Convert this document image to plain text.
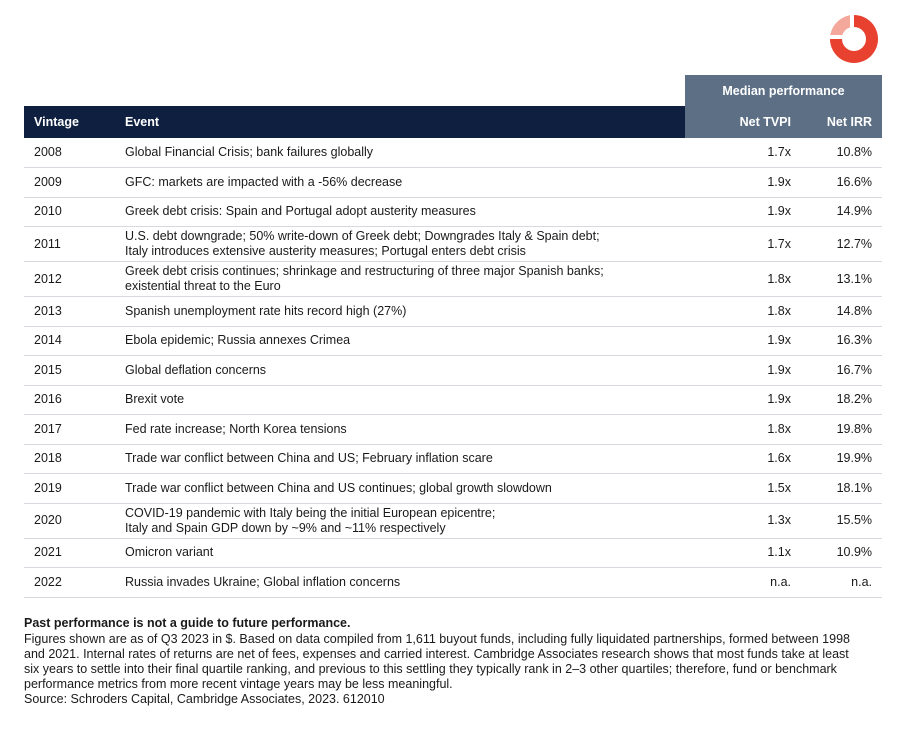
		Median performance	
Vintage	Event	Net TVPI	Net IRR
2008	Global Financial Crisis; bank failures globally	1.7x	10.8%
2009	GFC: markets are impacted with a -56% decrease	1.9x	16.6%
2010	Greek debt crisis: Spain and Portugal adopt austerity measures	1.9x	14.9%
2011	U.S. debt downgrade; 50% write-down of Greek debt; Downgrades Italy & Spain debt;
Italy introduces extensive austerity measures; Portugal enters debt crisis	1.7x	12.7%
2012	Greek debt crisis continues; shrinkage and restructuring of three major Spanish banks;
existential threat to the Euro	1.8x	13.1%
2013	Spanish unemployment rate hits record high (27%)	1.8x	14.8%
2014	Ebola epidemic; Russia annexes Crimea	1.9x	16.3%
2015	Global deflation concerns	1.9x	16.7%
2016	Brexit vote	1.9x	18.2%
2017	Fed rate increase; North Korea tensions	1.8x	19.8%
2018	Trade war conflict between China and US; February inflation scare	1.6x	19.9%
2019	Trade war conflict between China and US continues; global growth slowdown	1.5x	18.1%
2020	COVID-19 pandemic with Italy being the initial European epicentre;
Italy and Spain GDP down by ~9% and ~11% respectively	1.3x	15.5%
2021	Omicron variant	1.1x	10.9%
2022	Russia invades Ukraine; Global inflation concerns	n.a.	n.a.

Past performance is not a guide to future performance.

Figures shown are as of Q3 2023 in $. Based on data compiled from 1,611 buyout funds, including fully liquidated partnerships, formed between 1998

and 2021. Internal rates of returns are net of fees, expenses and carried interest. Cambridge Associates research shows that most funds take at least

six years to settle into their final quartile ranking, and previous to this settling they typically rank in 2–3 other quartiles; therefore, fund or benchmark

performance metrics from more recent vintage years may be less meaningful.

Source: Schroders Capital, Cambridge Associates, 2023. 612010
